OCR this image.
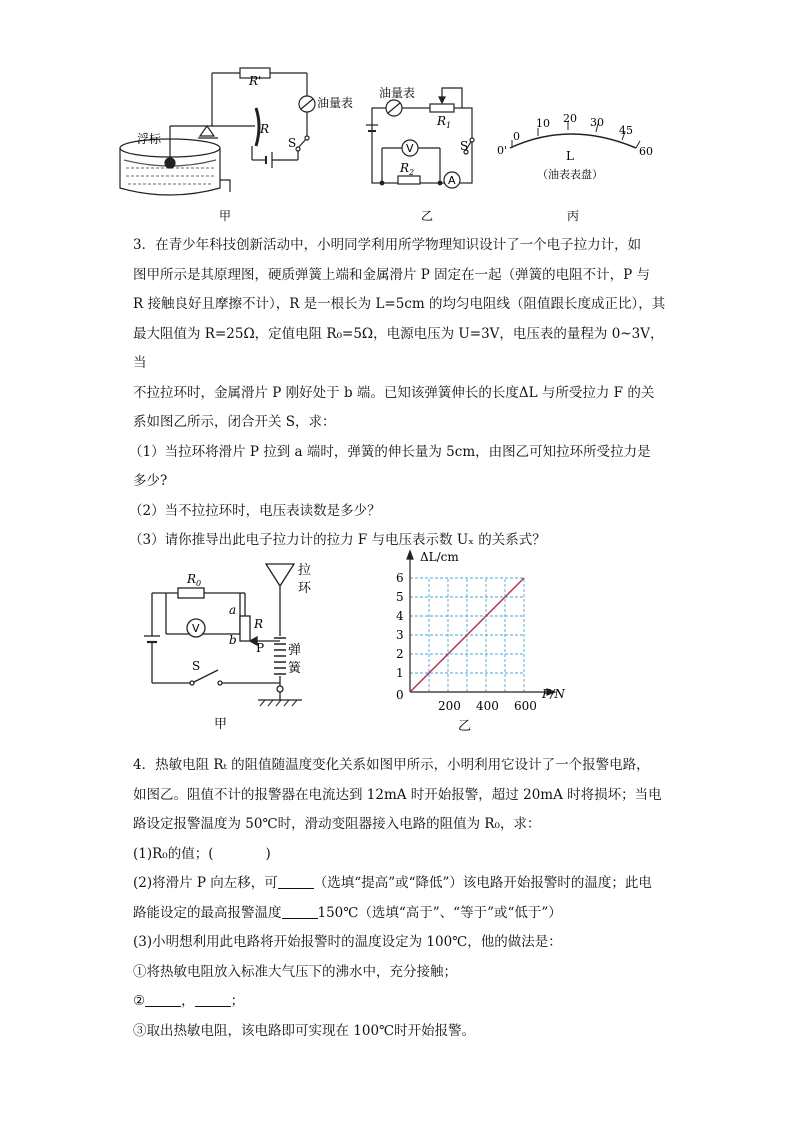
R'
R
油量表
浮标	S
油量表
$R_1$
$R_2$
V
A
S
0
10 20 30
45
60
0'	L
（油表表盘）
甲	乙	丙

3．在青少年科技创新活动中，小明同学利用所学物理知识设计了一个电子拉力计，如

图甲所示是其原理图，硬质弹簧上端和金属滑片 P 固定在一起（弹簧的电阻不计，P 与

R 接触良好且摩擦不计），R 是一根长为 L=5cm 的均匀电阻线（阻值跟长度成正比），其

最大阻值为 R=25Ω，定值电阻 R₀=5Ω，电源电压为 U=3V，电压表的量程为 0~3V，当

不拉拉环时，金属滑片 P 刚好处于 b 端。已知该弹簧伸长的长度ΔL 与所受拉力 F 的关

系如图乙所示，闭合开关 S，求：

（1）当拉环将滑片 P 拉到 a 端时，弹簧的伸长量为 5cm，由图乙可知拉环所受拉力是

多少?

（2）当不拉拉环时，电压表读数是多少？

（3）请你推导出此电子拉力计的拉力 F 与电压表示数 Uₓ 的关系式？

$R_0$
V
a
b
R
P
S
拉
环
弹
簧
甲
1
2
3
4
5
6
200 400 600
ΔL/cm
F/N
0
乙

4．热敏电阻 Rₜ 的阻值随温度变化关系如图甲所示，小明利用它设计了一个报警电路，

如图乙。阻值不计的报警器在电流达到 12mA 时开始报警，超过 20mA 时将损坏；当电

路设定报警温度为 50℃时，滑动变阻器接入电路的阻值为 R₀，求：

(1)R₀的值；(	)

(2)将滑片 P 向左移，可	（选填“提高”或“降低”）该电路开始报警时的温度；此电

路能设定的最高报警温度	150℃（选填“高于”、“等于”或“低于”）

(3)小明想利用此电路将开始报警时的温度设定为 100℃，他的做法是：

①将热敏电阻放入标准大气压下的沸水中，充分接触；

②	，	；

③取出热敏电阻，该电路即可实现在 100℃时开始报警。
